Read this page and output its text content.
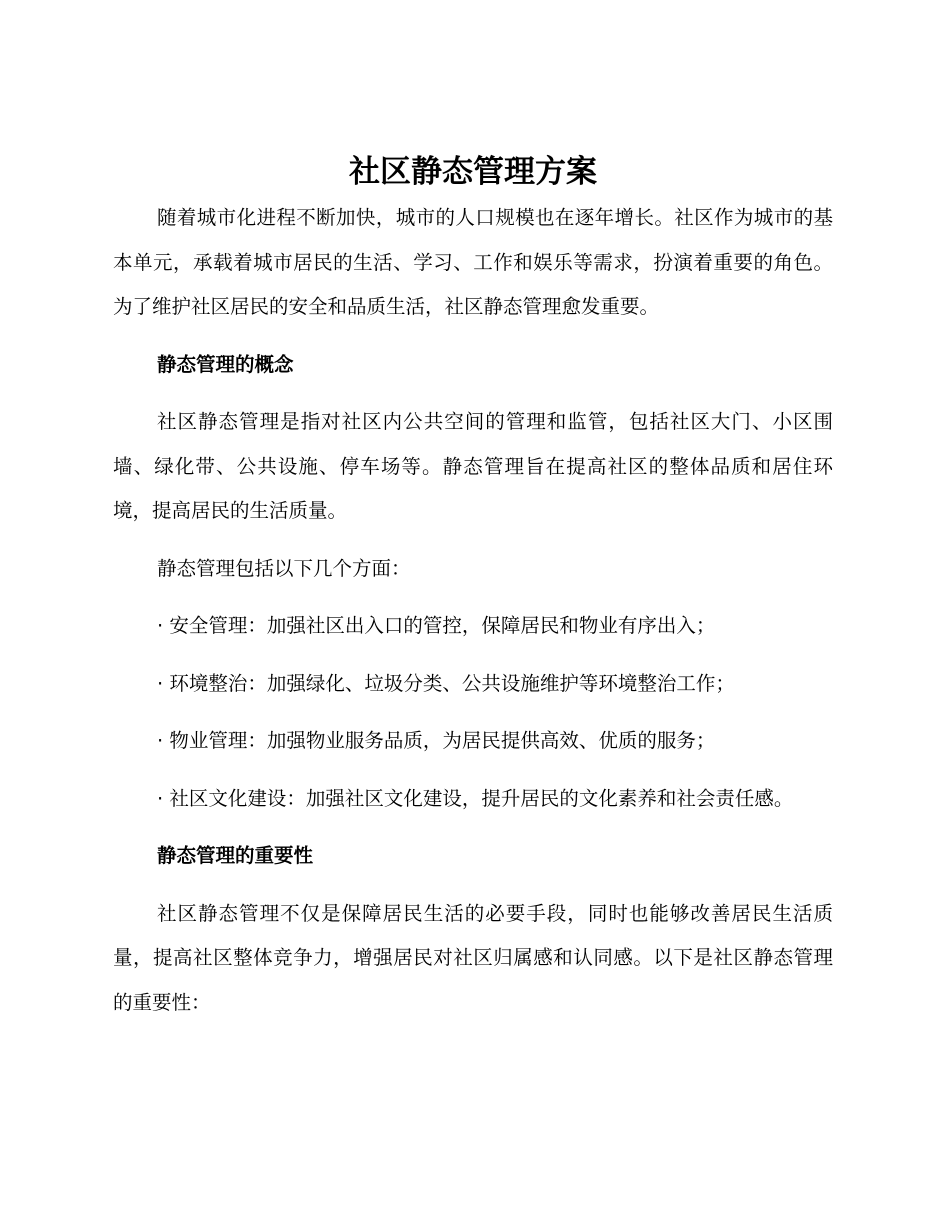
社区静态管理方案

随着城市化进程不断加快，城市的人口规模也在逐年增长。社区作为城市的基本单元，承载着城市居民的生活、学习、工作和娱乐等需求，扮演着重要的角色。为了维护社区居民的安全和品质生活，社区静态管理愈发重要。

静态管理的概念

社区静态管理是指对社区内公共空间的管理和监管，包括社区大门、小区围墙、绿化带、公共设施、停车场等。静态管理旨在提高社区的整体品质和居住环境，提高居民的生活质量。

静态管理包括以下几个方面：

· 安全管理：加强社区出入口的管控，保障居民和物业有序出入；

· 环境整治：加强绿化、垃圾分类、公共设施维护等环境整治工作；

· 物业管理：加强物业服务品质，为居民提供高效、优质的服务；

· 社区文化建设：加强社区文化建设，提升居民的文化素养和社会责任感。

静态管理的重要性

社区静态管理不仅是保障居民生活的必要手段，同时也能够改善居民生活质量，提高社区整体竞争力，增强居民对社区归属感和认同感。以下是社区静态管理的重要性：
